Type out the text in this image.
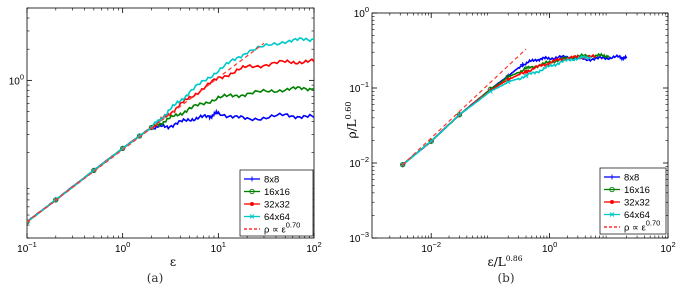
$10^{-1}$	$10^0$	$10^1$	$10^2$
$10^0$
8x8
16x16
32x32
64x64
$\rho \propto \varepsilon^{0.70}$
ε
(a)
$10^{-2}$	$10^0$	$10^2$
$10^{-3}$
$10^{-2}$
$10^{-1}$
$10^0$
8x8
16x16
32x32
64x64
$\rho \propto \varepsilon^{0.70}$
$\varepsilon/L^{0.86}$
$\rho/L^{0.60}$
(b)
